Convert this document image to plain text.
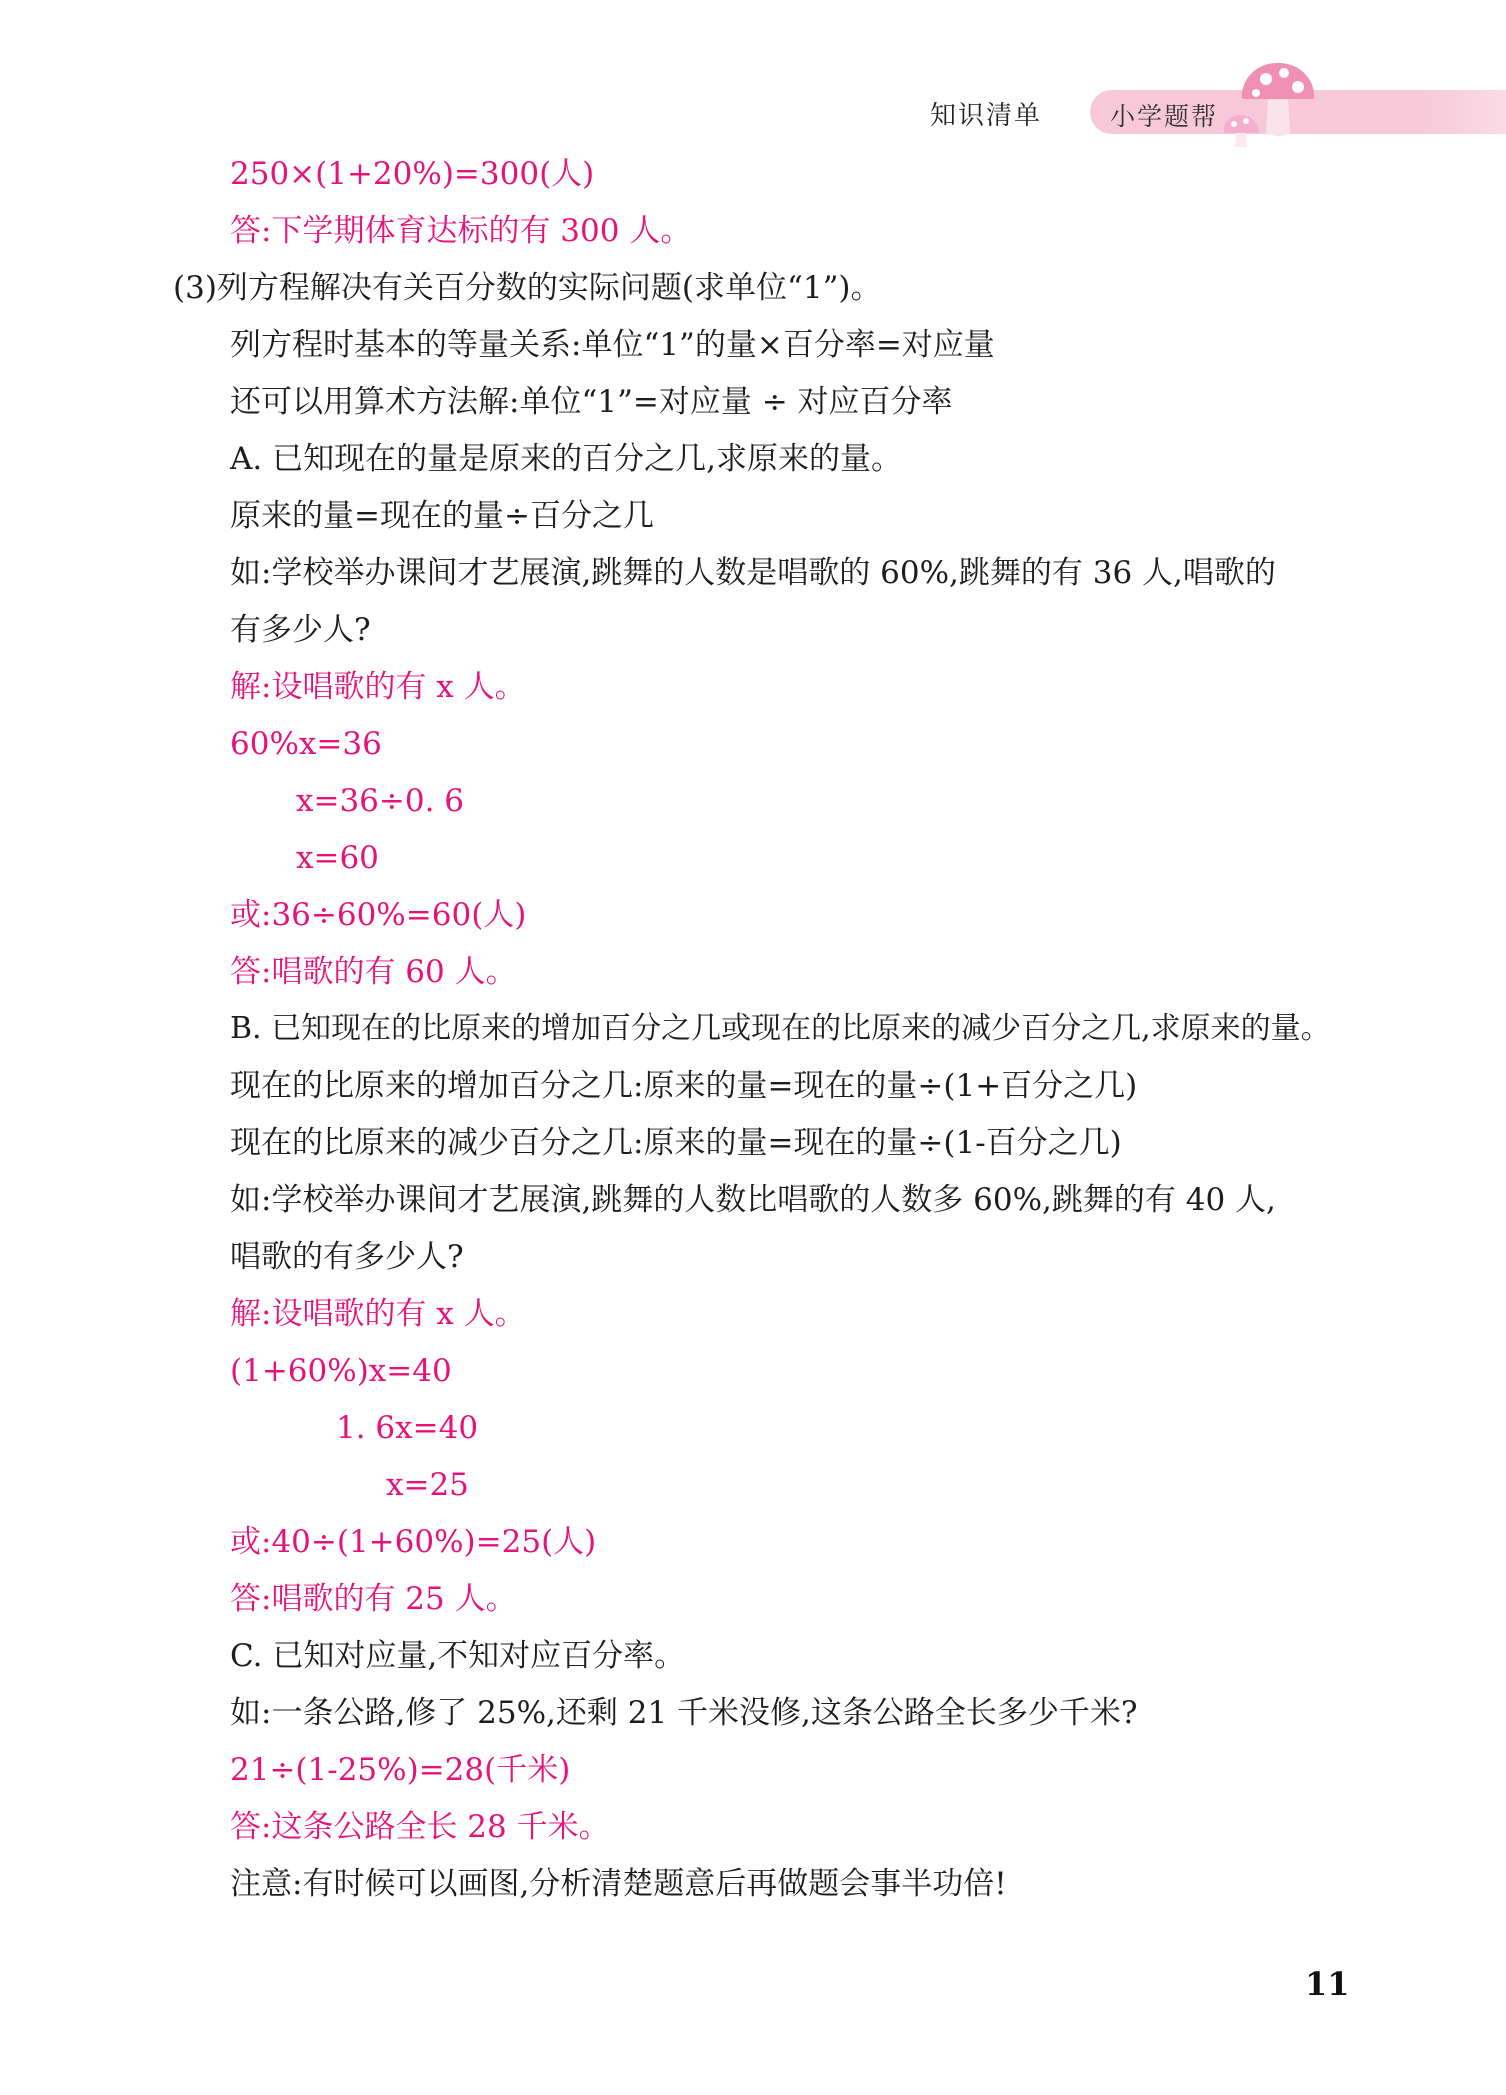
知识清单	小学题帮
250×(1+20%)=300(人)
答:下学期体育达标的有 300 人。
(3)列方程解决有关百分数的实际问题(求单位“1”)。
列方程时基本的等量关系:单位“1”的量×百分率=对应量
还可以用算术方法解:单位“1”=对应量 ÷ 对应百分率
A. 已知现在的量是原来的百分之几,求原来的量。
原来的量=现在的量÷百分之几
如:学校举办课间才艺展演,跳舞的人数是唱歌的 60%,跳舞的有 36 人,唱歌的
有多少人?
解:设唱歌的有 x 人。
60%x=36
x=36÷0. 6
x=60
或:36÷60%=60(人)
答:唱歌的有 60 人。
B. 已知现在的比原来的增加百分之几或现在的比原来的减少百分之几,求原来的量。
现在的比原来的增加百分之几:原来的量=现在的量÷(1+百分之几)
现在的比原来的减少百分之几:原来的量=现在的量÷(1-百分之几)
如:学校举办课间才艺展演,跳舞的人数比唱歌的人数多 60%,跳舞的有 40 人,
唱歌的有多少人?
解:设唱歌的有 x 人。
(1+60%)x=40
1. 6x=40
x=25
或:40÷(1+60%)=25(人)
答:唱歌的有 25 人。
C. 已知对应量,不知对应百分率。
如:一条公路,修了 25%,还剩 21 千米没修,这条公路全长多少千米?
21÷(1-25%)=28(千米)
答:这条公路全长 28 千米。
注意:有时候可以画图,分析清楚题意后再做题会事半功倍!
11
